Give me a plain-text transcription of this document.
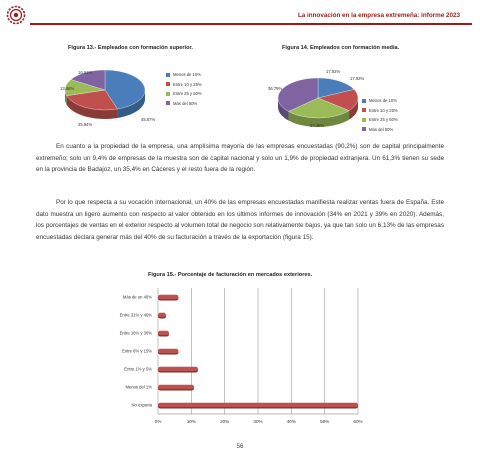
La innovación en la empresa extremeña: informe 2023
Figura 13.- Empleados con formación superior.
16.51%
13.68%
25.94%
45.87%
Menos de 10%
Entre 10 y 25%
Entre 25 y 50%
Más del 50%
Figura 14. Empleados con formación media.
17.92%
17.93%
36.79%
27.36%
Menos de 10%
Entre 10 y 25%
Entre 25 y 50%
Más del 50%
En cuanto a la propiedad de la empresa, una amplísima mayoría de las empresas encuestadas (90,2%) son de capital principalmente extremeño; solo un 9,4% de empresas de la muestra son de capital nacional y solo un 1,9% de propiedad extranjera. Un 61,3% tienen su sede en la provincia de Badajoz, un 35,4% en Cáceres y el resto fuera de la región.
Por lo que respecta a su vocación internacional, un 40% de las empresas encuestadas manifiesta realizar ventas fuera de España. Este dato muestra un ligero aumento con respecto al valor obtenido en los últimos informes de innovación (34% en 2021 y 39% en 2020). Además, los porcentajes de ventas en el exterior respecto al volumen total de negocio son relativamente bajos, ya que tan solo un 6,13% de las empresas encuestadas declara generar más del 40% de su facturación a través de la exportación (figura 15).
Figura 15.- Porcentaje de facturación en mercados exteriores.
0%	10%	20%	30%	40%	50%	60%
Más de un 40%
Entre 31% y 40%
Entre 16% y 30%
Entre 6% y 15%
Entre 1% y 5%
Menos del 1%
No exporta
56
